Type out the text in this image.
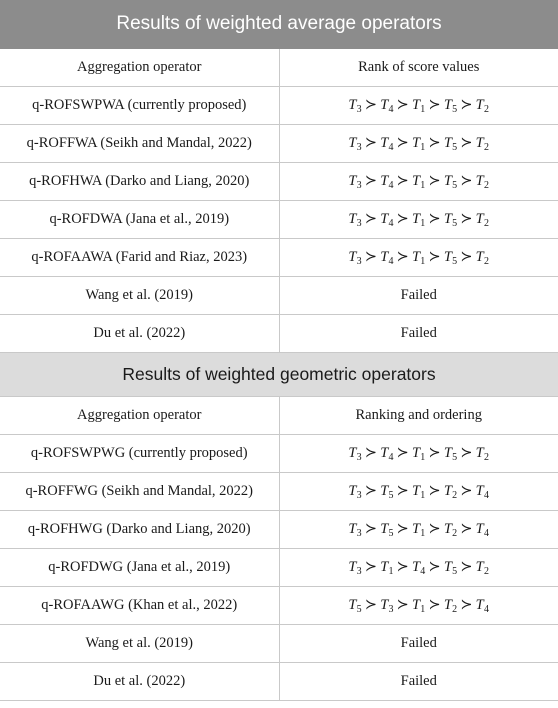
Results of weighted average operators	
Aggregation operator	Rank of score values
q-ROFSWPWA (currently proposed)	$T_3$ ≻ $T_4$ ≻ $T_1$ ≻ $T_5$ ≻ $T_2$
q-ROFFWA (Seikh and Mandal, 2022)	$T_3$ ≻ $T_4$ ≻ $T_1$ ≻ $T_5$ ≻ $T_2$
q-ROFHWA (Darko and Liang, 2020)	$T_3$ ≻ $T_4$ ≻ $T_1$ ≻ $T_5$ ≻ $T_2$
q-ROFDWA (Jana et al., 2019)	$T_3$ ≻ $T_4$ ≻ $T_1$ ≻ $T_5$ ≻ $T_2$
q-ROFAAWA (Farid and Riaz, 2023)	$T_3$ ≻ $T_4$ ≻ $T_1$ ≻ $T_5$ ≻ $T_2$
Wang et al. (2019)	Failed
Du et al. (2022)	Failed
Results of weighted geometric operators	
Aggregation operator	Ranking and ordering
q-ROFSWPWG (currently proposed)	$T_3$ ≻ $T_4$ ≻ $T_1$ ≻ $T_5$ ≻ $T_2$
q-ROFFWG (Seikh and Mandal, 2022)	$T_3$ ≻ $T_5$ ≻ $T_1$ ≻ $T_2$ ≻ $T_4$
q-ROFHWG (Darko and Liang, 2020)	$T_3$ ≻ $T_5$ ≻ $T_1$ ≻ $T_2$ ≻ $T_4$
q-ROFDWG (Jana et al., 2019)	$T_3$ ≻ $T_1$ ≻ $T_4$ ≻ $T_5$ ≻ $T_2$
q-ROFAAWG (Khan et al., 2022)	$T_5$ ≻ $T_3$ ≻ $T_1$ ≻ $T_2$ ≻ $T_4$
Wang et al. (2019)	Failed
Du et al. (2022)	Failed
